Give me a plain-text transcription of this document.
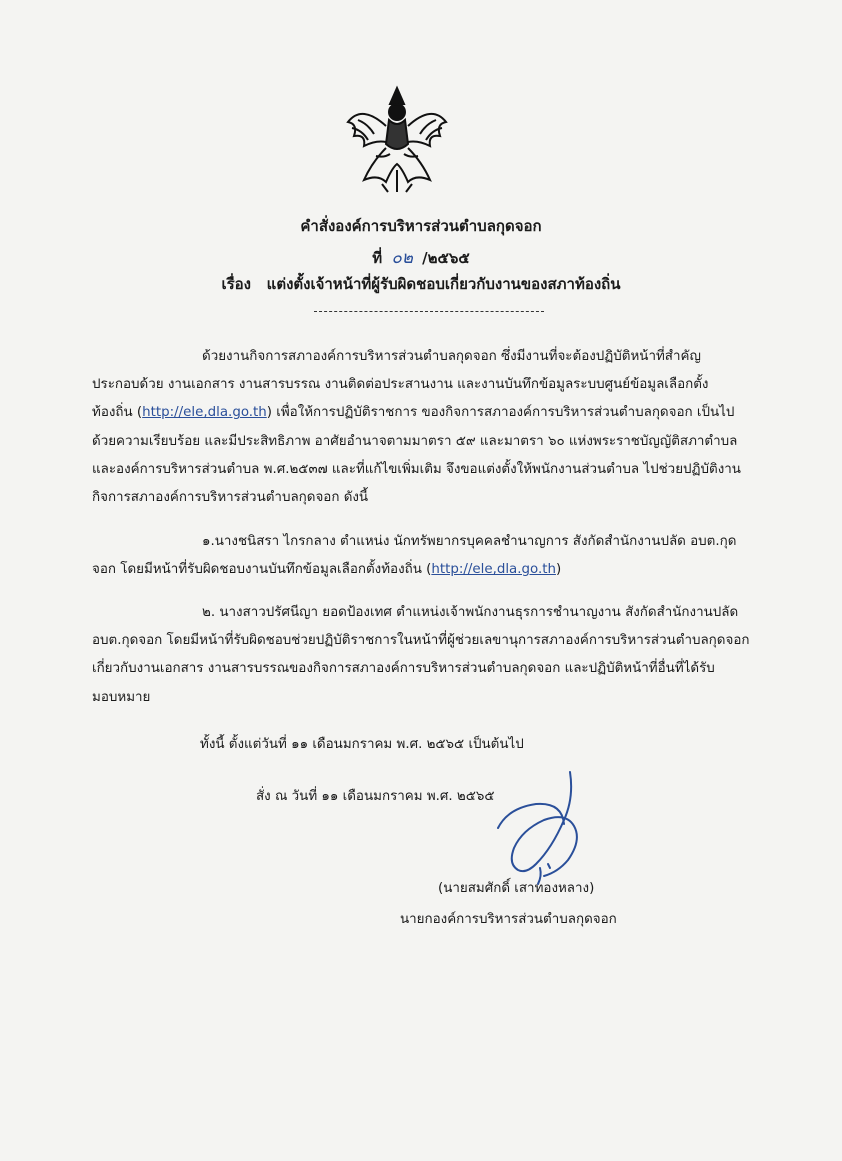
คำสั่งองค์การบริหารส่วนตำบลกุดจอก
ที่ ๐๒ /๒๕๖๕
เรื่อง แต่งตั้งเจ้าหน้าที่ผู้รับผิดชอบเกี่ยวกับงานของสภาท้องถิ่น
ด้วยงานกิจการสภาองค์การบริหารส่วนตำบลกุดจอก ซึ่งมีงานที่จะต้องปฏิบัติหน้าที่สำคัญ
ประกอบด้วย งานเอกสาร งานสารบรรณ งานติดต่อประสานงาน และงานบันทึกข้อมูลระบบศูนย์ข้อมูลเลือกตั้ง
ท้องถิ่น (http://ele,dla.go.th) เพื่อให้การปฏิบัติราชการ ของกิจการสภาองค์การบริหารส่วนตำบลกุดจอก เป็นไป
ด้วยความเรียบร้อย และมีประสิทธิภาพ อาศัยอำนาจตามมาตรา ๕๙ และมาตรา ๖๐ แห่งพระราชบัญญัติสภาตำบล
และองค์การบริหารส่วนตำบล พ.ศ.๒๕๓๗ และที่แก้ไขเพิ่มเติม จึงขอแต่งตั้งให้พนักงานส่วนตำบล ไปช่วยปฏิบัติงาน
กิจการสภาองค์การบริหารส่วนตำบลกุดจอก ดังนี้
๑.นางชนิสรา ไกรกลาง ตำแหน่ง นักทรัพยากรบุคคลชำนาญการ สังกัดสำนักงานปลัด อบต.กุด
จอก โดยมีหน้าที่รับผิดชอบงานบันทึกข้อมูลเลือกตั้งท้องถิ่น (http://ele,dla.go.th)
๒. นางสาวปรัศนีญา ยอดป้องเทศ ตำแหน่งเจ้าพนักงานธุรการชำนาญงาน สังกัดสำนักงานปลัด
อบต.กุดจอก โดยมีหน้าที่รับผิดชอบช่วยปฏิบัติราชการในหน้าที่ผู้ช่วยเลขานุการสภาองค์การบริหารส่วนตำบลกุดจอก
เกี่ยวกับงานเอกสาร งานสารบรรณของกิจการสภาองค์การบริหารส่วนตำบลกุดจอก และปฏิบัติหน้าที่อื่นที่ได้รับ
มอบหมาย
ทั้งนี้ ตั้งแต่วันที่ ๑๑ เดือนมกราคม พ.ศ. ๒๕๖๕ เป็นต้นไป
สั่ง ณ วันที่ ๑๑ เดือนมกราคม พ.ศ. ๒๕๖๕
(นายสมศักดิ์ เสาทองหลาง)
นายกองค์การบริหารส่วนตำบลกุดจอก
